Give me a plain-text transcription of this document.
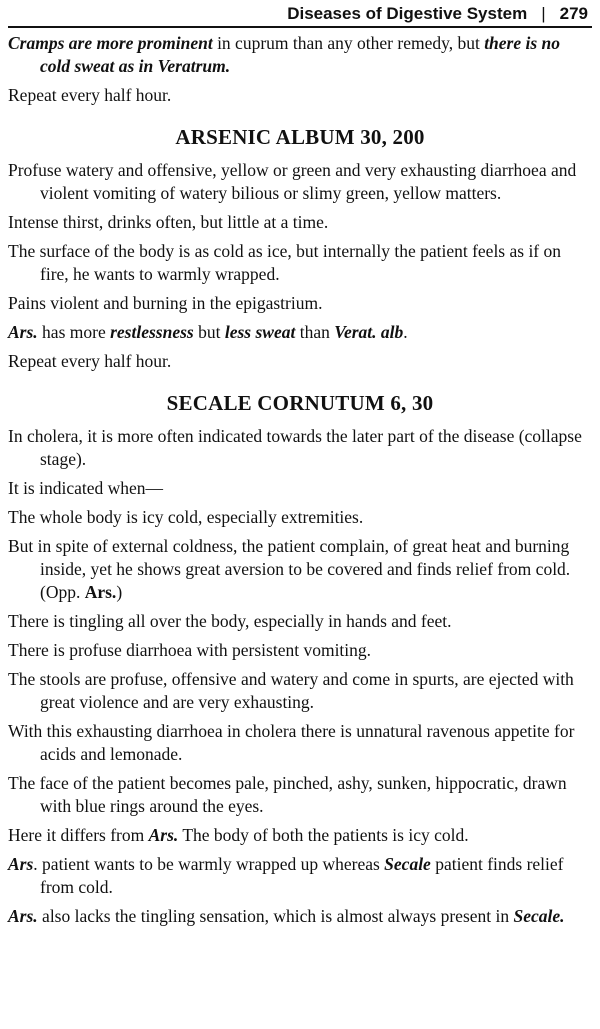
Diseases of Digestive System | 279

Cramps are more prominent in cuprum than any other remedy, but there is no cold sweat as in Veratrum.

Repeat every half hour.

ARSENIC ALBUM 30, 200

Profuse watery and offensive, yellow or green and very exhausting diarrhoea and violent vomiting of watery bilious or slimy green, yellow matters.

Intense thirst, drinks often, but little at a time.

The surface of the body is as cold as ice, but internally the patient feels as if on fire, he wants to warmly wrapped.

Pains violent and burning in the epigastrium.

Ars. has more restlessness but less sweat than Verat. alb.

Repeat every half hour.

SECALE CORNUTUM 6, 30

In cholera, it is more often indicated towards the later part of the disease (collapse stage).

It is indicated when—

The whole body is icy cold, especially extremities.

But in spite of external coldness, the patient complain, of great heat and burning inside, yet he shows great aversion to be covered and finds relief from cold. (Opp. Ars.)

There is tingling all over the body, especially in hands and feet.

There is profuse diarrhoea with persistent vomiting.

The stools are profuse, offensive and watery and come in spurts, are ejected with great violence and are very exhausting.

With this exhausting diarrhoea in cholera there is unnatural ravenous appetite for acids and lemonade.

The face of the patient becomes pale, pinched, ashy, sunken, hippocratic, drawn with blue rings around the eyes.

Here it differs from Ars. The body of both the patients is icy cold.

Ars. patient wants to be warmly wrapped up whereas Secale patient finds relief from cold.

Ars. also lacks the tingling sensation, which is almost always present in Secale.
